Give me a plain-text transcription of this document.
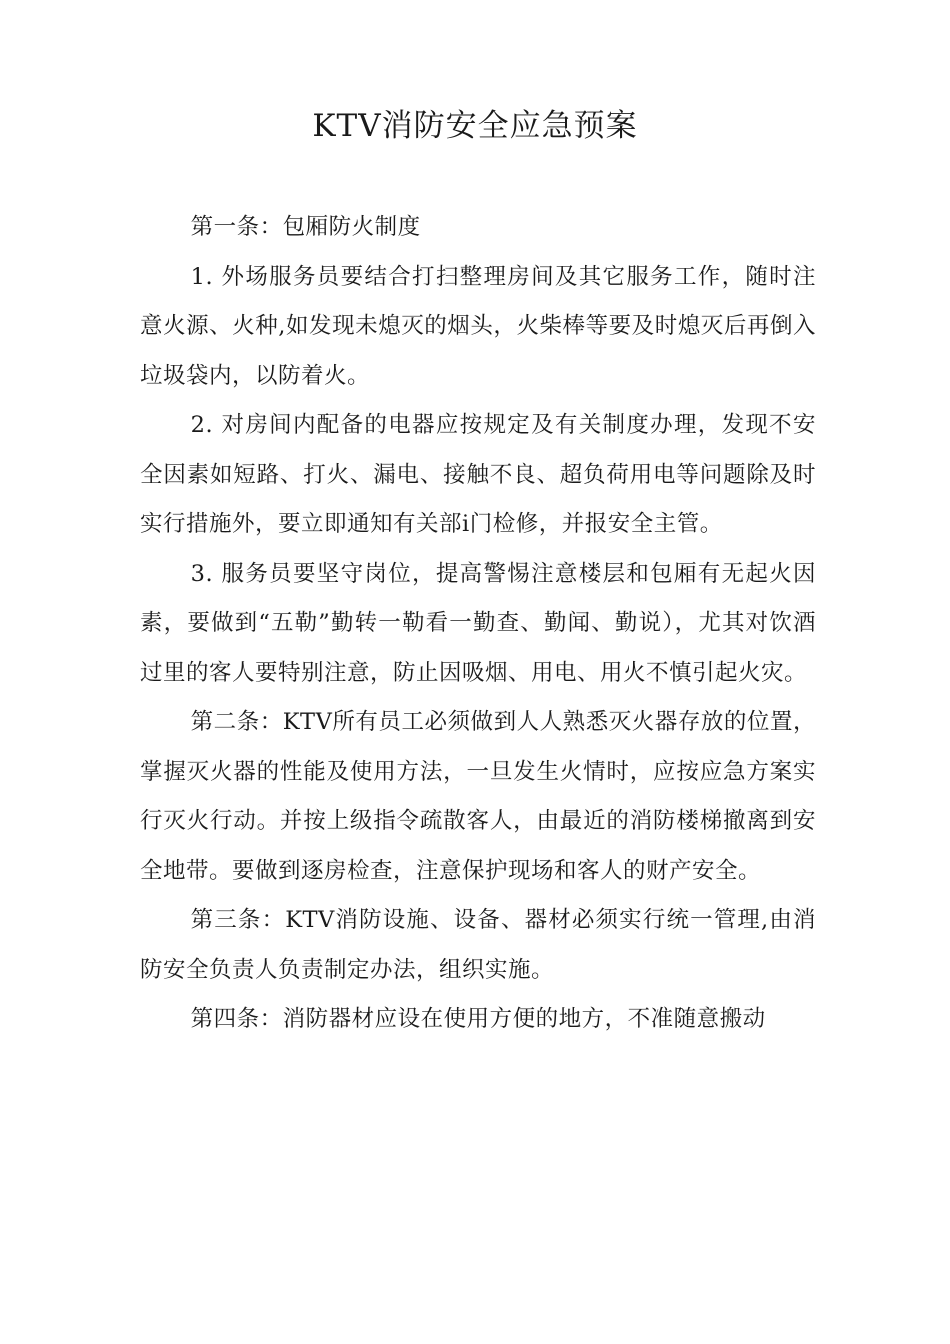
KTV消防安全应急预案

第一条：包厢防火制度

1. 外场服务员要结合打扫整理房间及其它服务工作，随时注意火源、火种,如发现未熄灭的烟头，火柴棒等要及时熄灭后再倒入垃圾袋内，以防着火。

2. 对房间内配备的电器应按规定及有关制度办理，发现不安全因素如短路、打火、漏电、接触不良、超负荷用电等问题除及时实行措施外，要立即通知有关部i门检修，并报安全主管。

3. 服务员要坚守岗位，提高警惕注意楼层和包厢有无起火因素，要做到“五勒”勤转一勒看一勤查、勤闻、勤说），尤其对饮酒过里的客人要特别注意，防止因吸烟、用电、用火不慎引起火灾。

第二条：KTV所有员工必须做到人人熟悉灭火器存放的位置，掌握灭火器的性能及使用方法，一旦发生火情时，应按应急方案实行灭火行动。并按上级指令疏散客人，由最近的消防楼梯撤离到安全地带。要做到逐房检查，注意保护现场和客人的财产安全。

第三条：KTV消防设施、设备、器材必须实行统一管理,由消防安全负责人负责制定办法，组织实施。

第四条：消防器材应设在使用方便的地方，不准随意搬动
